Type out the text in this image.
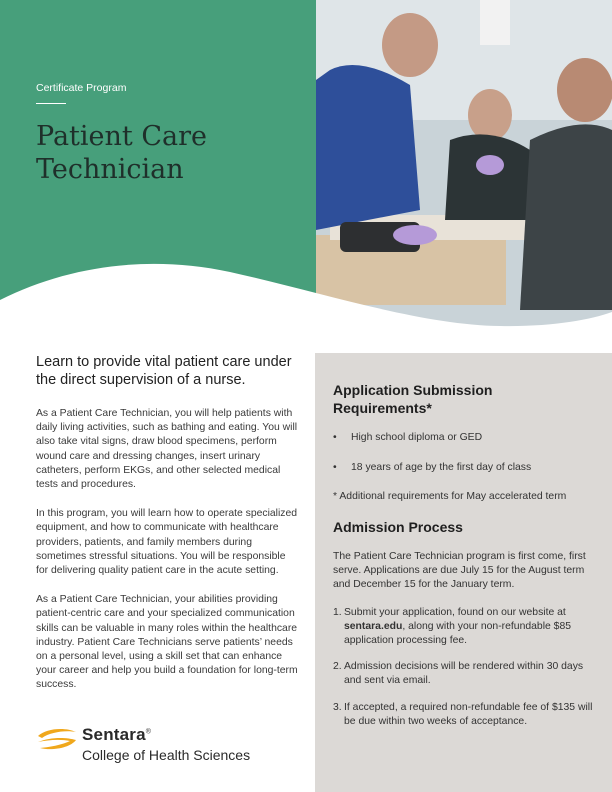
Certificate Program
Patient Care Technician

Learn to provide vital patient care under the direct supervision of a nurse.

As a Patient Care Technician, you will help patients with daily living activities, such as bathing and eating. You will also take vital signs, draw blood specimens, perform wound care and dressing changes, insert urinary catheters, perform EKGs, and other selected medical tests and procedures.

In this program, you will learn how to operate specialized equipment, and how to communicate with healthcare providers, patients, and family members during sometimes stressful situations. You will be responsible for delivering quality patient care in the acute setting.

As a Patient Care Technician, your abilities providing patient-centric care and your specialized communication skills can be valuable in many roles within the healthcare industry. Patient Care Technicians serve patients’ needs on a personal level, using a skill set that can enhance your career and help you build a foundation for long-term success.

Sentara®
College of Health Sciences
Application Submission Requirements*
• High school diploma or GED
• 18 years of age by the first day of class

* Additional requirements for May accelerated term

Admission Process

The Patient Care Technician program is first come, first serve. Applications are due July 15 for the August term and December 15 for the January term.

1. Submit your application, found on our website at sentara.edu, along with your non-refundable $85 application processing fee.
2. Admission decisions will be rendered within 30 days and sent via email.
3. If accepted, a required non-refundable fee of $135 will be due within two weeks of acceptance.
